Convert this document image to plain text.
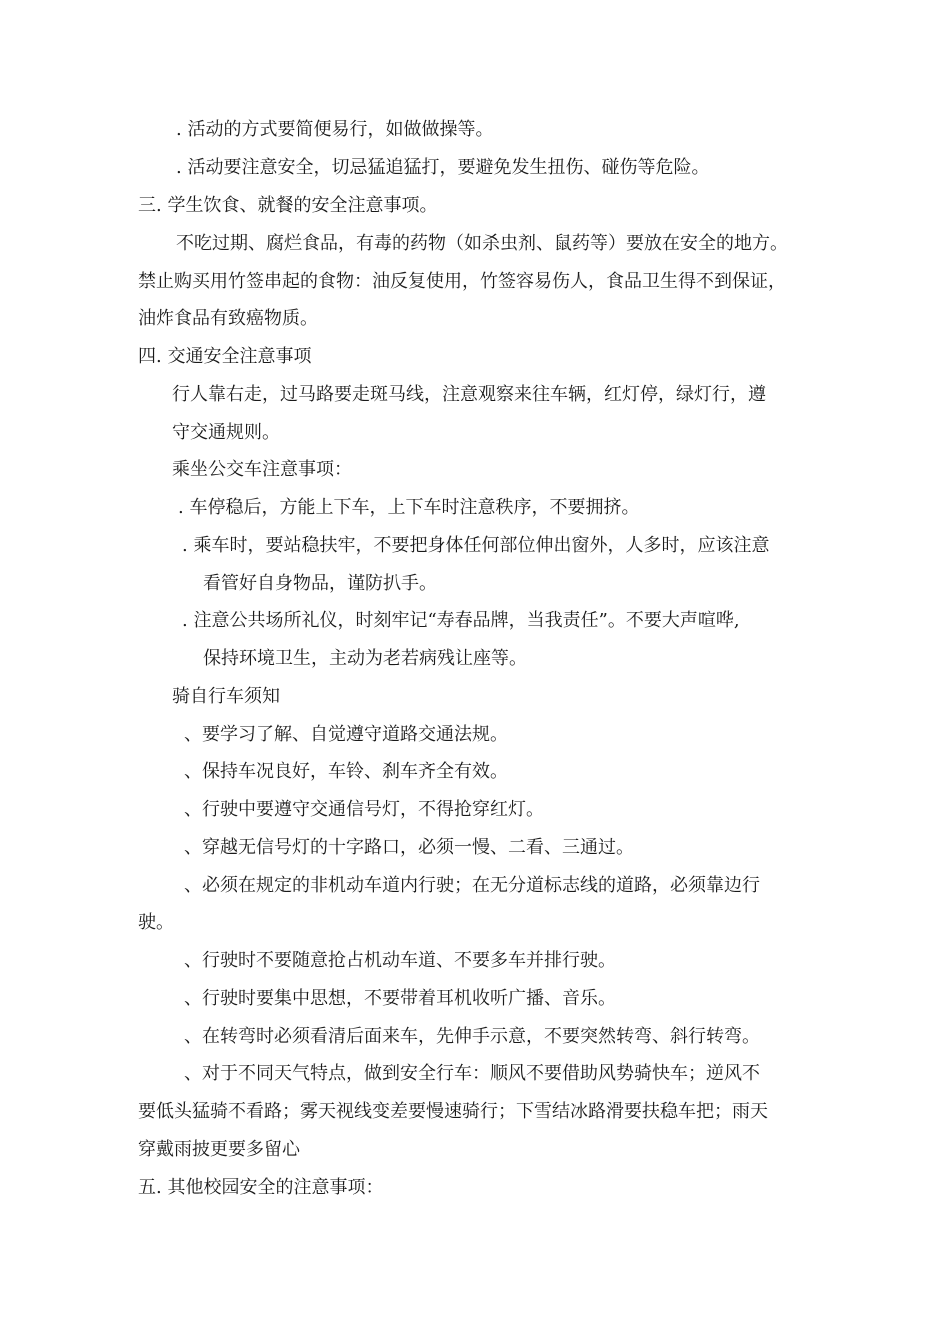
. 活动的方式要简便易行，如做做操等。
. 活动要注意安全，切忌猛追猛打，要避免发生扭伤、碰伤等危险。
三. 学生饮食、就餐的安全注意事项。
不吃过期、腐烂食品，有毒的药物（如杀虫剂、鼠药等）要放在安全的地方。
禁止购买用竹签串起的食物：油反复使用，竹签容易伤人，食品卫生得不到保证，
油炸食品有致癌物质。
四. 交通安全注意事项
行人靠右走，过马路要走斑马线，注意观察来往车辆，红灯停，绿灯行，遵
守交通规则。
乘坐公交车注意事项：
. 车停稳后，方能上下车，上下车时注意秩序，不要拥挤。
. 乘车时，要站稳扶牢，不要把身体任何部位伸出窗外，人多时，应该注意
看管好自身物品，谨防扒手。
. 注意公共场所礼仪，时刻牢记“寿春品牌，当我责任”。不要大声喧哗,
保持环境卫生，主动为老若病残让座等。
骑自行车须知
、要学习了解、自觉遵守道路交通法规。
、保持车况良好，车铃、刹车齐全有效。
、行驶中要遵守交通信号灯，不得抢穿红灯。
、穿越无信号灯的十字路口，必须一慢、二看、三通过。
、必须在规定的非机动车道内行驶；在无分道标志线的道路，必须靠边行
驶。
、行驶时不要随意抢占机动车道、不要多车并排行驶。
、行驶时要集中思想，不要带着耳机收听广播、音乐。
、在转弯时必须看清后面来车，先伸手示意，不要突然转弯、斜行转弯。
、对于不同天气特点，做到安全行车：顺风不要借助风势骑快车；逆风不
要低头猛骑不看路；雾天视线变差要慢速骑行；下雪结冰路滑要扶稳车把；雨天
穿戴雨披更要多留心
五. 其他校园安全的注意事项：
